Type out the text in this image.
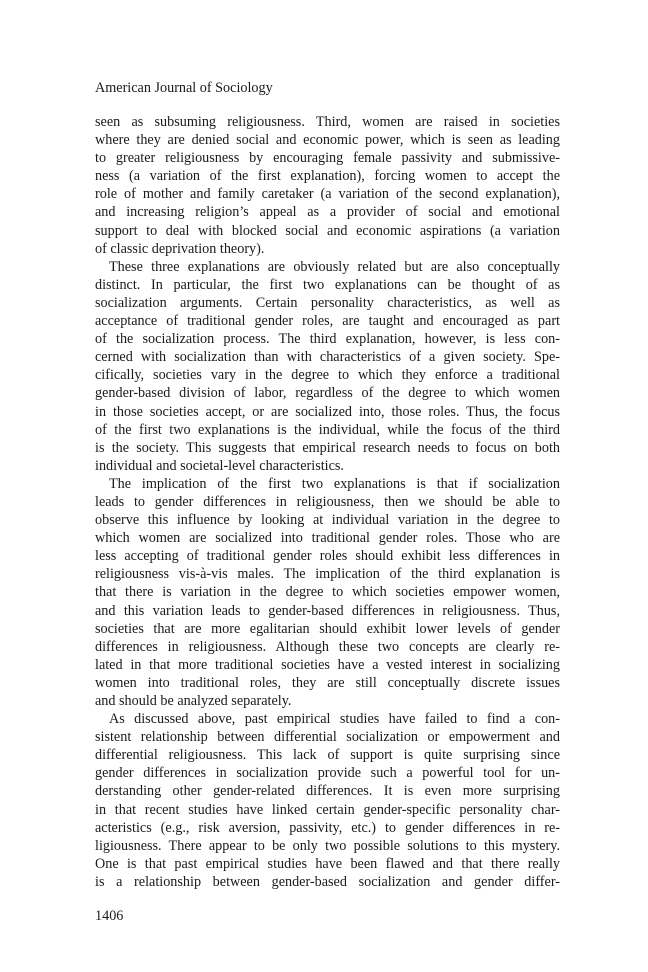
American Journal of Sociology
seen as subsuming religiousness. Third, women are raised in societies
where they are denied social and economic power, which is seen as leading
to greater religiousness by encouraging female passivity and submissive-
ness (a variation of the first explanation), forcing women to accept the
role of mother and family caretaker (a variation of the second explanation),
and increasing religion’s appeal as a provider of social and emotional
support to deal with blocked social and economic aspirations (a variation
of classic deprivation theory).
These three explanations are obviously related but are also conceptually
distinct. In particular, the first two explanations can be thought of as
socialization arguments. Certain personality characteristics, as well as
acceptance of traditional gender roles, are taught and encouraged as part
of the socialization process. The third explanation, however, is less con-
cerned with socialization than with characteristics of a given society. Spe-
cifically, societies vary in the degree to which they enforce a traditional
gender-based division of labor, regardless of the degree to which women
in those societies accept, or are socialized into, those roles. Thus, the focus
of the first two explanations is the individual, while the focus of the third
is the society. This suggests that empirical research needs to focus on both
individual and societal-level characteristics.
The implication of the first two explanations is that if socialization
leads to gender differences in religiousness, then we should be able to
observe this influence by looking at individual variation in the degree to
which women are socialized into traditional gender roles. Those who are
less accepting of traditional gender roles should exhibit less differences in
religiousness vis-à-vis males. The implication of the third explanation is
that there is variation in the degree to which societies empower women,
and this variation leads to gender-based differences in religiousness. Thus,
societies that are more egalitarian should exhibit lower levels of gender
differences in religiousness. Although these two concepts are clearly re-
lated in that more traditional societies have a vested interest in socializing
women into traditional roles, they are still conceptually discrete issues
and should be analyzed separately.
As discussed above, past empirical studies have failed to find a con-
sistent relationship between differential socialization or empowerment and
differential religiousness. This lack of support is quite surprising since
gender differences in socialization provide such a powerful tool for un-
derstanding other gender-related differences. It is even more surprising
in that recent studies have linked certain gender-specific personality char-
acteristics (e.g., risk aversion, passivity, etc.) to gender differences in re-
ligiousness. There appear to be only two possible solutions to this mystery.
One is that past empirical studies have been flawed and that there really
is a relationship between gender-based socialization and gender differ-
1406
